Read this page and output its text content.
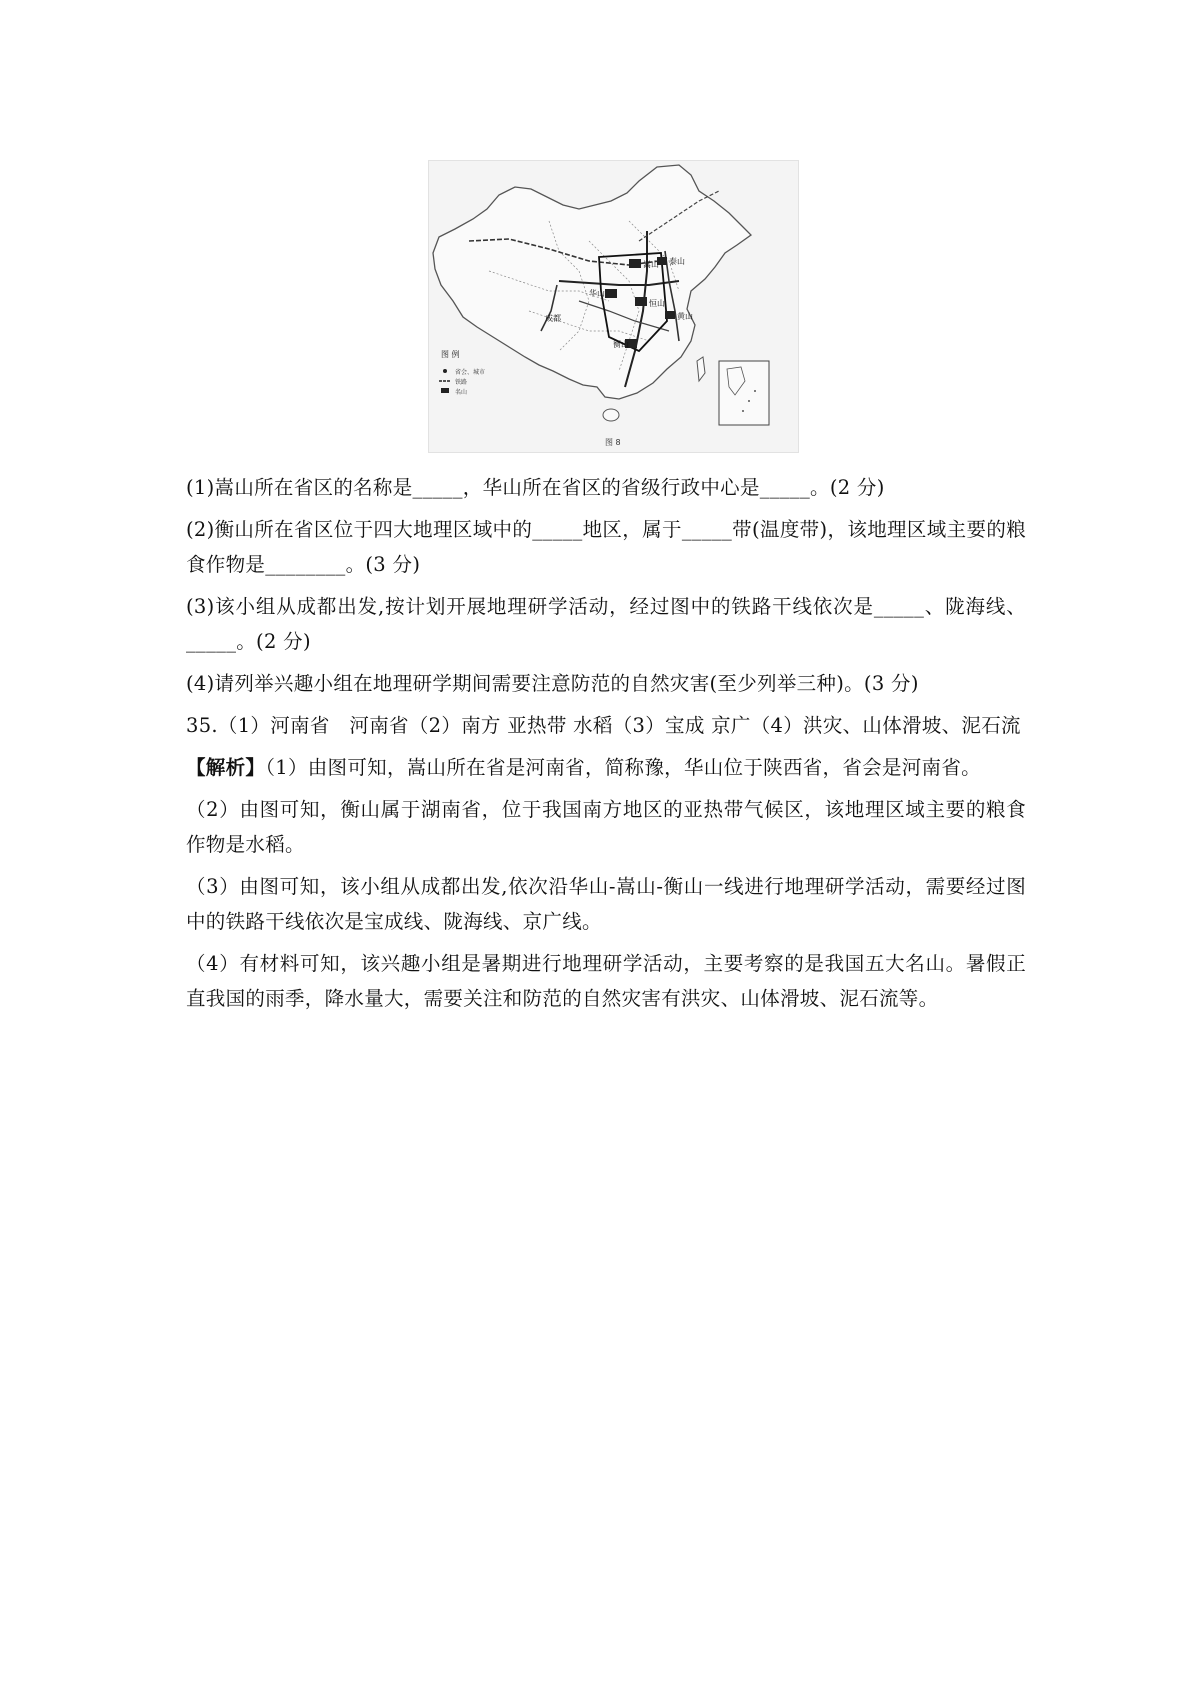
嵩山
华山
泰山
衡山
恒山
黄山
成都
图 例
省会、城市
铁路
名山
图 8

(1)嵩山所在省区的名称是_____，华山所在省区的省级行政中心是_____。(2 分)

(2)衡山所在省区位于四大地理区域中的_____地区，属于_____带(温度带)，该地理区域主要的粮食作物是________。(3 分)

(3)该小组从成都出发,按计划开展地理研学活动，经过图中的铁路干线依次是_____、陇海线、_____。(2 分)

(4)请列举兴趣小组在地理研学期间需要注意防范的自然灾害(至少列举三种)。(3 分)

35.（1）河南省　河南省（2）南方 亚热带 水稻（3）宝成 京广（4）洪灾、山体滑坡、泥石流

【解析】（1）由图可知，嵩山所在省是河南省，简称豫，华山位于陕西省，省会是河南省。

（2）由图可知，衡山属于湖南省，位于我国南方地区的亚热带气候区，该地理区域主要的粮食作物是水稻。

（3）由图可知，该小组从成都出发,依次沿华山-嵩山-衡山一线进行地理研学活动，需要经过图中的铁路干线依次是宝成线、陇海线、京广线。

（4）有材料可知，该兴趣小组是暑期进行地理研学活动，主要考察的是我国五大名山。暑假正直我国的雨季，降水量大，需要关注和防范的自然灾害有洪灾、山体滑坡、泥石流等。
